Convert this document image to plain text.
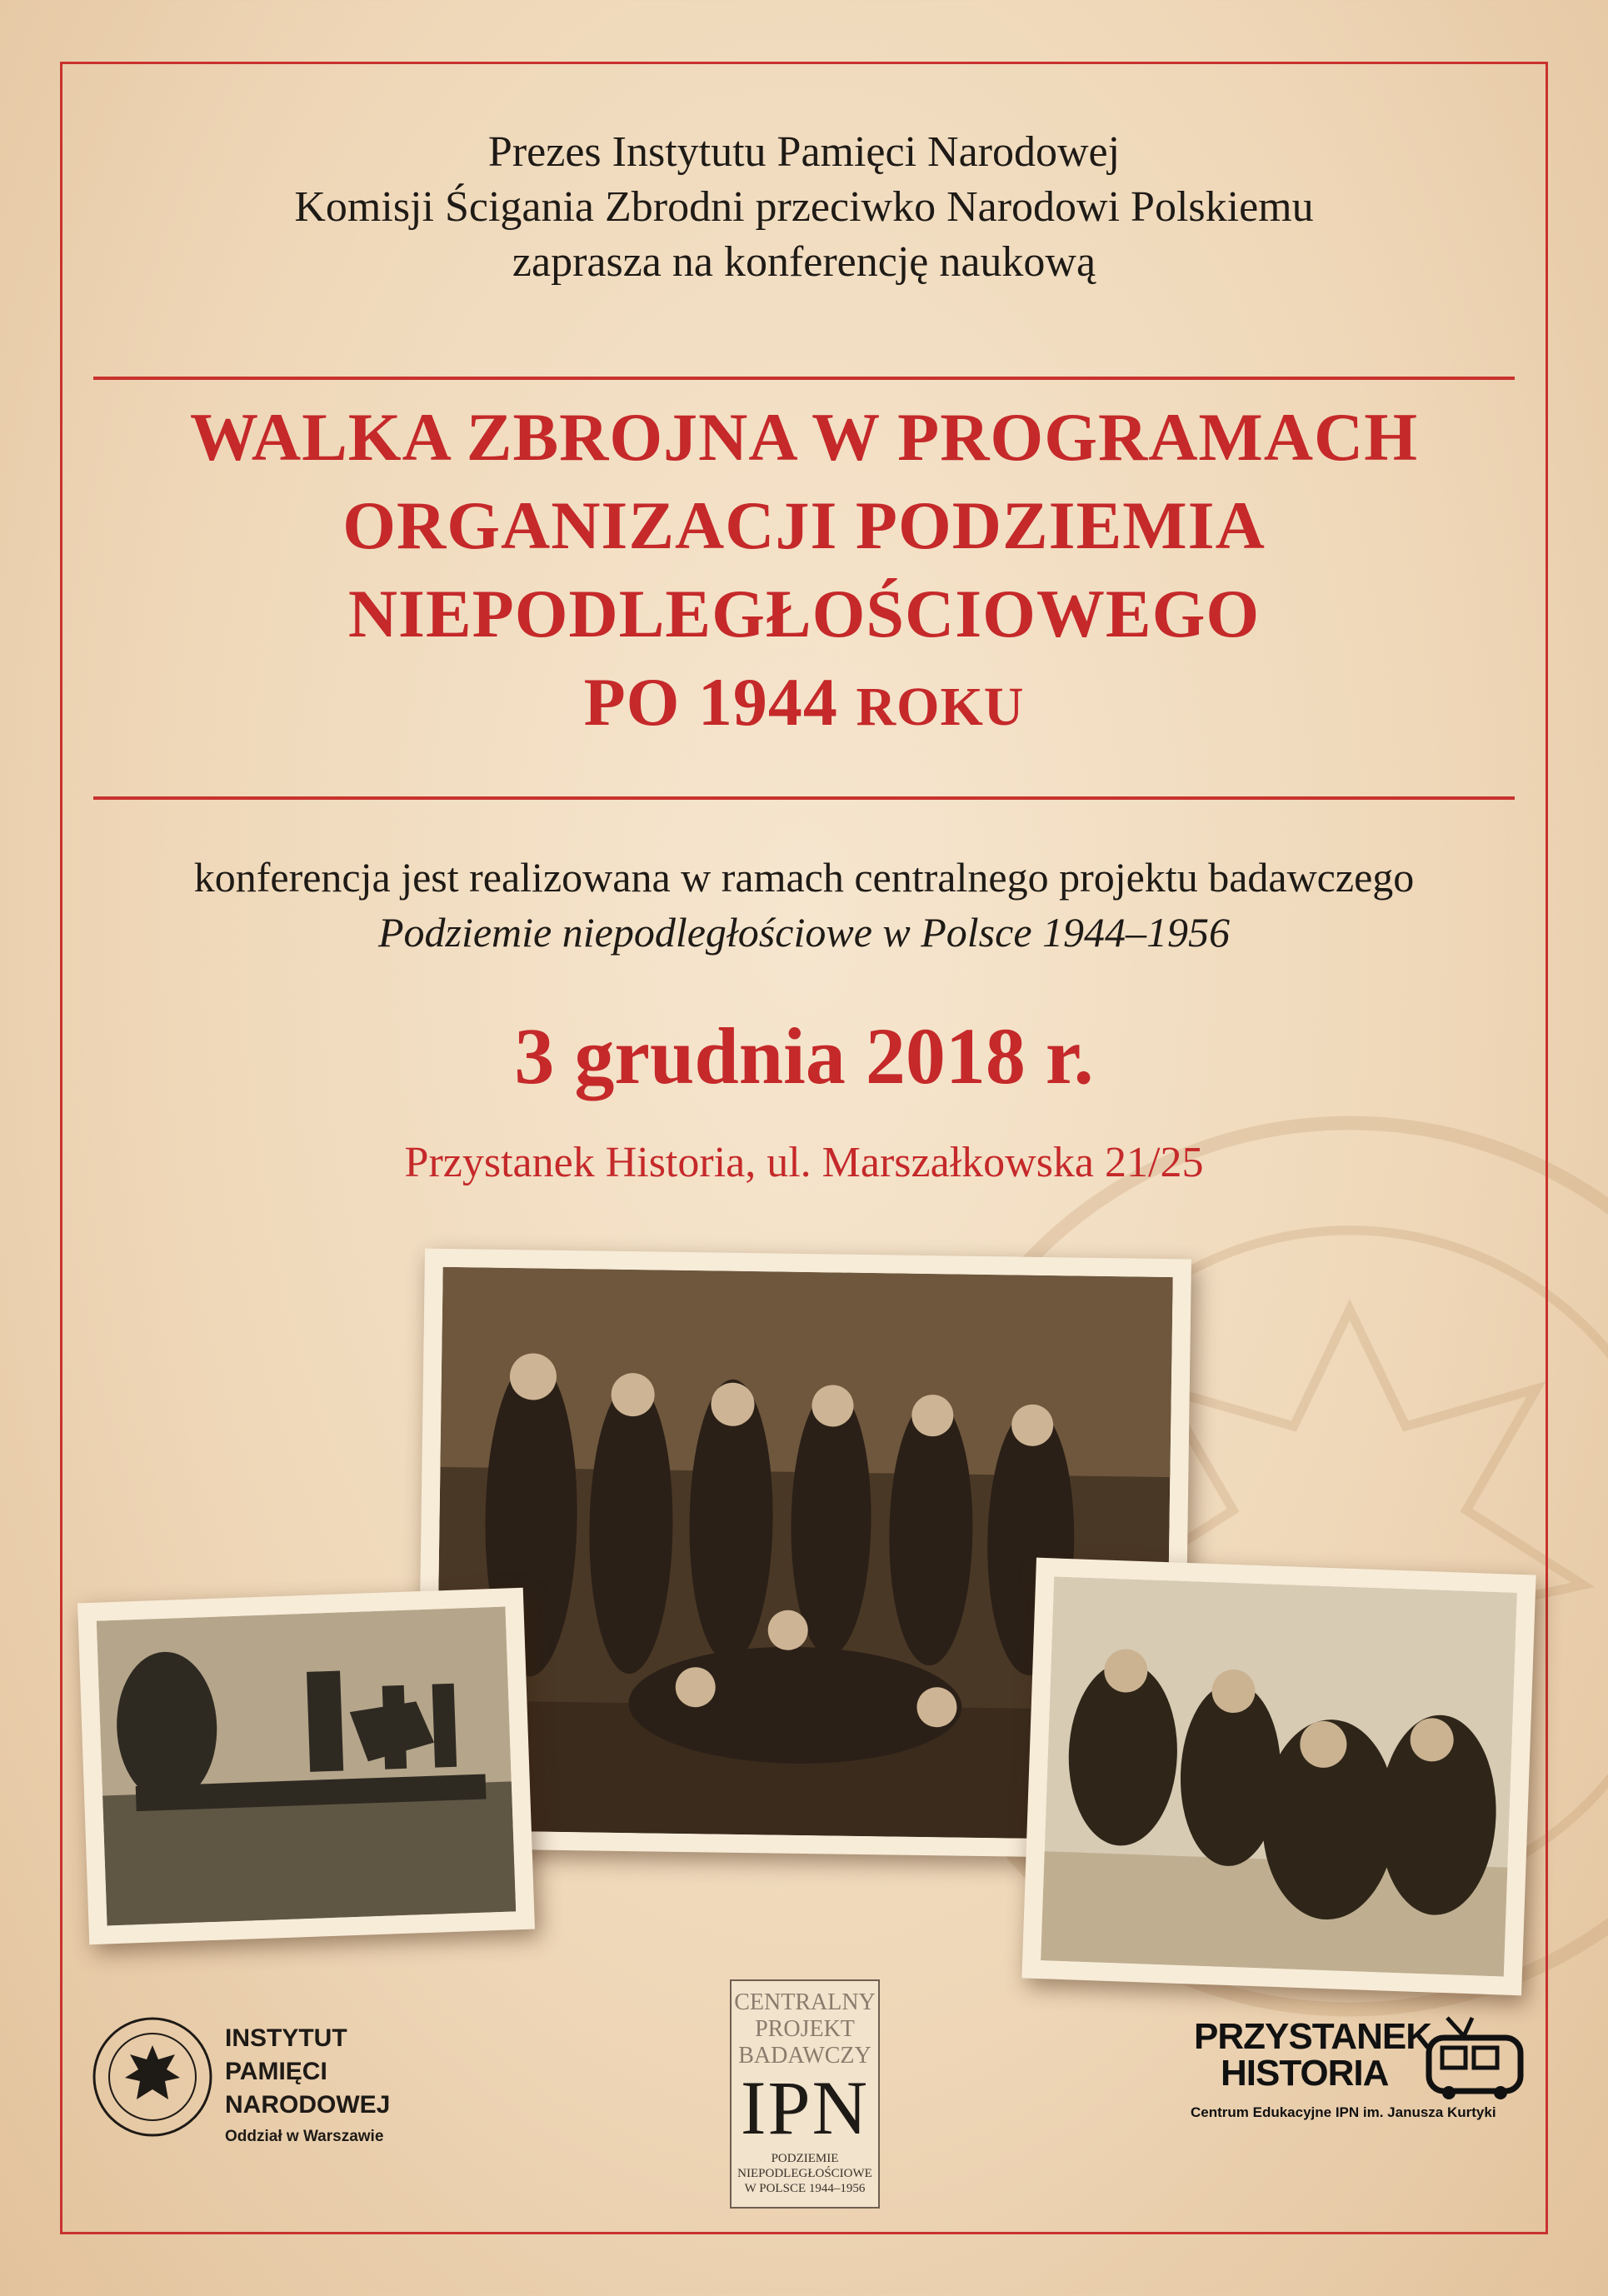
Prezes Instytutu Pamięci Narodowej
Komisji Ścigania Zbrodni przeciwko Narodowi Polskiemu
zaprasza na konferencję naukową
WALKA ZBROJNA W PROGRAMACH
ORGANIZACJI PODZIEMIA
NIEPODLEGŁOŚCIOWEGO
PO 1944 ROKU
konferencja jest realizowana w ramach centralnego projektu badawczego
Podziemie niepodległościowe w Polsce 1944–1956
3 grudnia 2018 r.
Przystanek Historia, ul. Marszałkowska 21/25
INSTYTUT
PAMIĘCI
NARODOWEJ
Oddział w Warszawie
CENTRALNY
PROJEKT
BADAWCZY
IPN
PODZIEMIE NIEPODLEGŁOŚCIOWE W POLSCE 1944–1956
PRZYSTANEK
HISTORIA
Centrum Edukacyjne IPN im. Janusza Kurtyki
